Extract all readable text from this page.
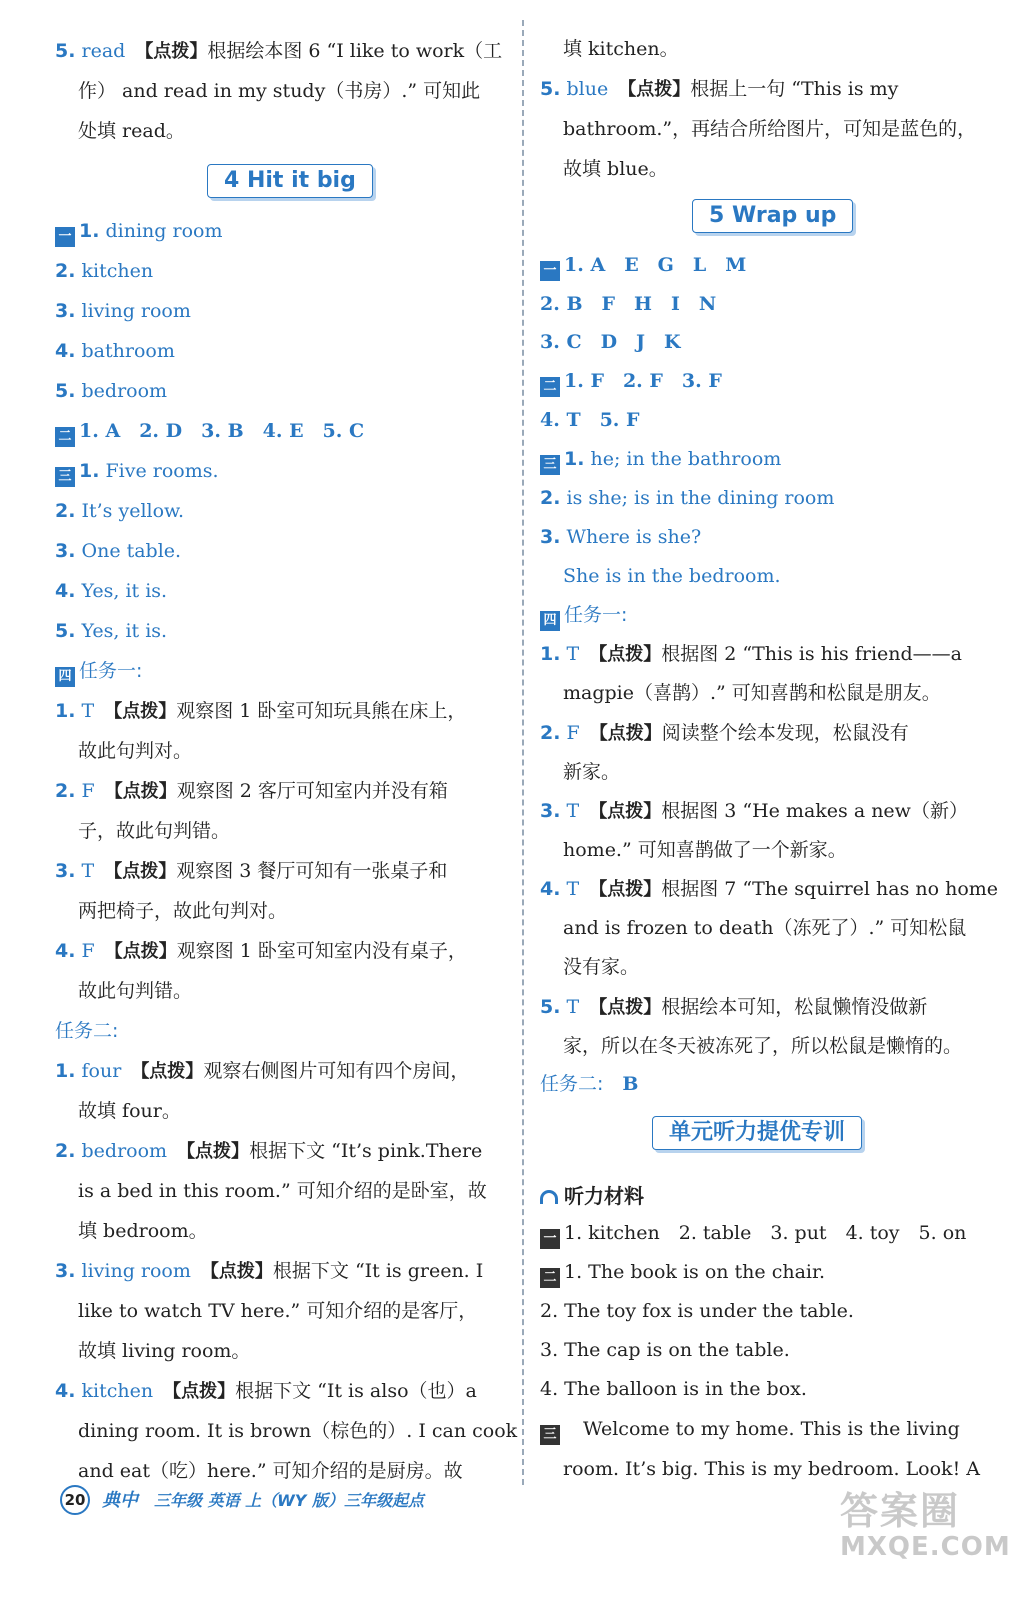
5. read　 【点拨】根据绘本图 6 “I like to work（工
作） and read in my study（书房）.” 可知此
处填 read。
一 1. dining room
2. kitchen
3. living room
4. bathroom
5. bedroom
二 1. A　2. D　3. B　4. E　5. C
三 1. Five rooms.
2. It’s yellow.
3. One table.
4. Yes, it is.
5. Yes, it is.
四 任务一:
1. T　 【点拨】观察图 1 卧室可知玩具熊在床上，
故此句判对。
2. F　 【点拨】观察图 2 客厅可知室内并没有箱
子，故此句判错。
3. T　 【点拨】观察图 3 餐厅可知有一张桌子和
两把椅子，故此句判对。
4. F　 【点拨】观察图 1 卧室可知室内没有桌子，
故此句判错。
任务二:
1. four　 【点拨】观察右侧图片可知有四个房间，
故填 four。
2. bedroom　 【点拨】根据下文 “It’s pink.There
is a bed in this room.” 可知介绍的是卧室，故
填 bedroom。
3. living room　 【点拨】根据下文 “It is green. I
like to watch TV here.” 可知介绍的是客厅，
故填 living room。
4. kitchen　 【点拨】根据下文 “It is also（也）a
dining room. It is brown（棕色的）. I can cook
and eat（吃）here.” 可知介绍的是厨房。故
4 Hit it big
填 kitchen。
5. blue　 【点拨】根据上一句 “This is my
bathroom.”，再结合所给图片，可知是蓝色的，
故填 blue。
一 1. A　E　G　L　M
2. B　F　H　I　N
3. C　D　J　K
二 1. F　2. F　3. F
4. T　5. F
三 1. he; in the bathroom
2. is she; is in the dining room
3. Where is she?
She is in the bedroom.
四 任务一:
1. T　 【点拨】根据图 2 “This is his friend——a
magpie（喜鹊）.” 可知喜鹊和松鼠是朋友。
2. F　 【点拨】阅读整个绘本发现，松鼠没有
新家。
3. T　 【点拨】根据图 3 “He makes a new（新）
home.” 可知喜鹊做了一个新家。
4. T　 【点拨】根据图 7 “The squirrel has no home
and is frozen to death（冻死了）.” 可知松鼠
没有家。
5. T　 【点拨】根据绘本可知，松鼠懒惰没做新
家，所以在冬天被冻死了，所以松鼠是懒惰的。
任务二:　 B
5 Wrap up
单元听力提优专训
听力材料
一 1. kitchen　2. table　3. put　4. toy　5. on
二 1. The book is on the chair.
2. The toy fox is under the table.
3. The cap is on the table.
4. The balloon is in the box.
三　Welcome to my home. This is the living
room. It’s big. This is my bedroom. Look! A
20 典中 三年级 英语 上（WY 版）三年级起点	答案圈
MXQE.COM
